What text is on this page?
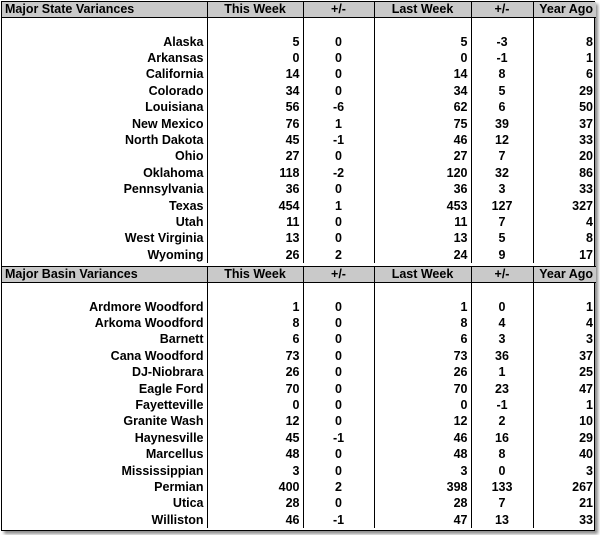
Major State Variances	This Week	+/-	Last Week	+/-	Year Ago

Alaska	5	0	5	-3	8
Arkansas	0	0	0	-1	1
California	14	0	14	8	6
Colorado	34	0	34	5	29
Louisiana	56	-6	62	6	50
New Mexico	76	1	75	39	37
North Dakota	45	-1	46	12	33
Ohio	27	0	27	7	20
Oklahoma	118	-2	120	32	86
Pennsylvania	36	0	36	3	33
Texas	454	1	453	127	327
Utah	11	0	11	7	4
West Virginia	13	0	13	5	8
Wyoming	26	2	24	9	17
Major Basin Variances	This Week	+/-	Last Week	+/-	Year Ago

Ardmore Woodford	1	0	1	0	1
Arkoma Woodford	8	0	8	4	4
Barnett	6	0	6	3	3
Cana Woodford	73	0	73	36	37
DJ-Niobrara	26	0	26	1	25
Eagle Ford	70	0	70	23	47
Fayetteville	0	0	0	-1	1
Granite Wash	12	0	12	2	10
Haynesville	45	-1	46	16	29
Marcellus	48	0	48	8	40
Mississippian	3	0	3	0	3
Permian	400	2	398	133	267
Utica	28	0	28	7	21
Williston	46	-1	47	13	33
